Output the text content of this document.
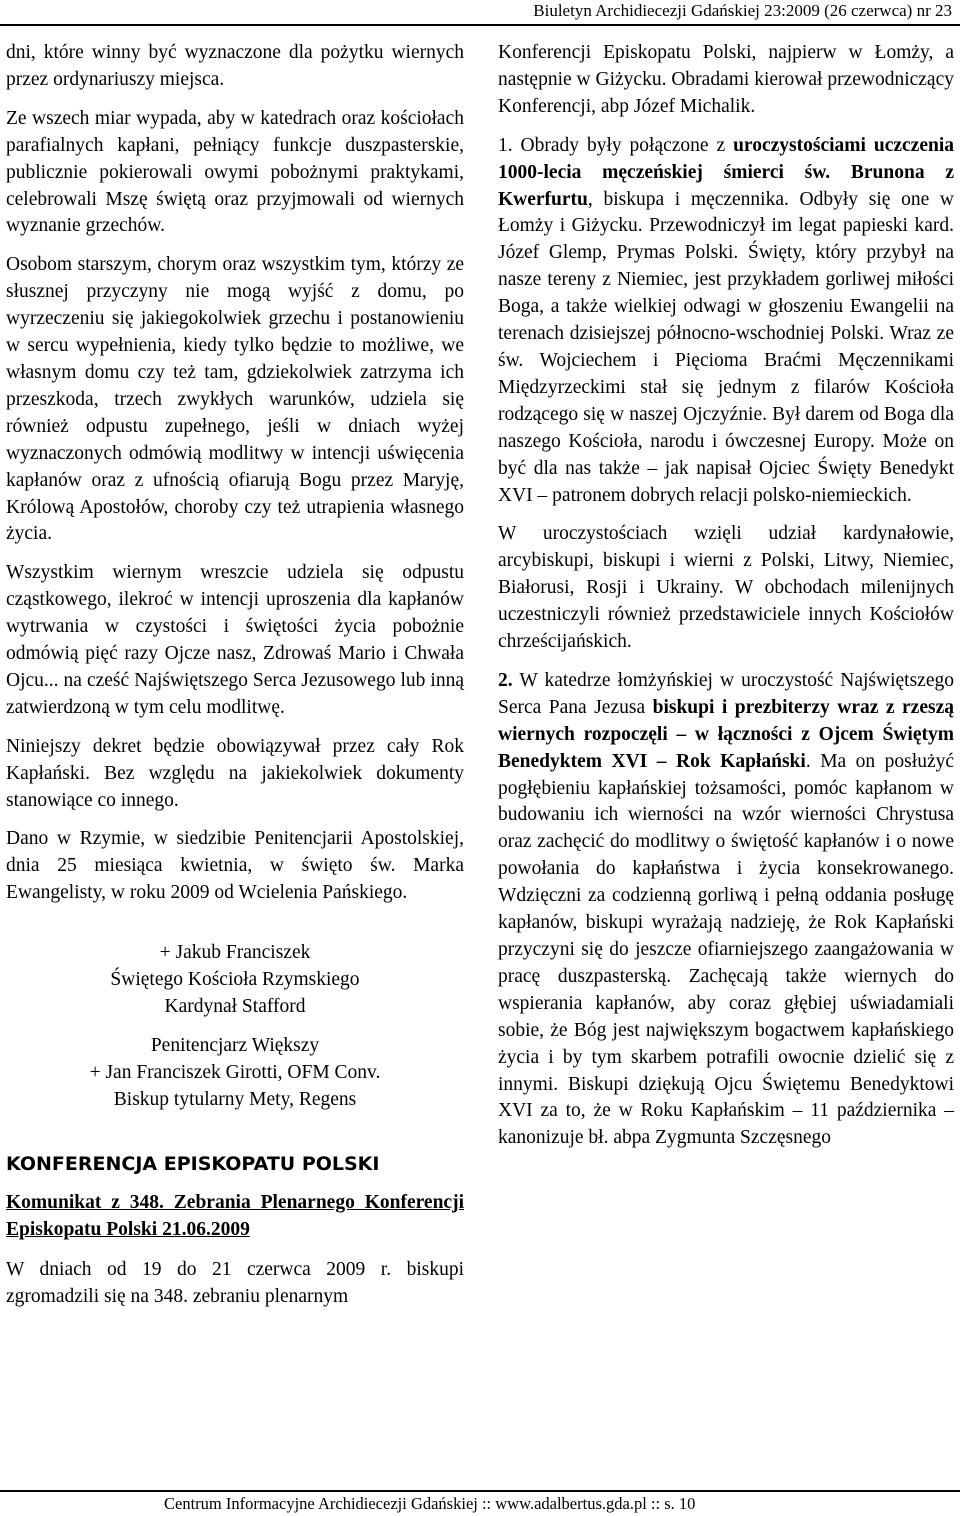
Biuletyn Archidiecezji Gdańskiej 23:2009 (26 czerwca) nr 23

dni, które winny być wyznaczone dla pożytku wiernych przez ordynariuszy miejsca.

Ze wszech miar wypada, aby w katedrach oraz kościołach parafialnych kapłani, pełniący funkcje duszpasterskie, publicznie pokierowali owymi pobożnymi praktykami, celebrowali Mszę świętą oraz przyjmowali od wiernych wyznanie grzechów.

Osobom starszym, chorym oraz wszystkim tym, którzy ze słusznej przyczyny nie mogą wyjść z domu, po wyrzeczeniu się jakiegokolwiek grzechu i postanowieniu w sercu wypełnienia, kiedy tylko będzie to możliwe, we własnym domu czy też tam, gdziekolwiek zatrzyma ich przeszkoda, trzech zwykłych warunków, udziela się również odpustu zupełnego, jeśli w dniach wyżej wyznaczonych odmówią modlitwy w intencji uświęcenia kapłanów oraz z ufnością ofiarują Bogu przez Maryję, Królową Apostołów, choroby czy też utrapienia własnego życia.

Wszystkim wiernym wreszcie udziela się odpustu cząstkowego, ilekroć w intencji uproszenia dla kapłanów wytrwania w czystości i świętości życia pobożnie odmówią pięć razy Ojcze nasz, Zdrowaś Mario i Chwała Ojcu... na cześć Najświętszego Serca Jezusowego lub inną zatwierdzoną w tym celu modlitwę.

Niniejszy dekret będzie obowiązywał przez cały Rok Kapłański. Bez względu na jakiekolwiek dokumenty stanowiące co innego.

Dano w Rzymie, w siedzibie Penitencjarii Apostolskiej, dnia 25 miesiąca kwietnia, w święto św. Marka Ewangelisty, w roku 2009 od Wcielenia Pańskiego.

+ Jakub Franciszek

Świętego Kościoła Rzymskiego

Kardynał Stafford

Penitencjarz Większy

+ Jan Franciszek Girotti, OFM Conv.

Biskup tytularny Mety, Regens

KONFERENCJA EPISKOPATU POLSKI

Komunikat z 348. Zebrania Plenarnego Konferencji Episkopatu Polski 21.06.2009

W dniach od 19 do 21 czerwca 2009 r. biskupi zgromadzili się na 348. zebraniu plenarnym

Konferencji Episkopatu Polski, najpierw w Łomży, a następnie w Giżycku. Obradami kierował przewodniczący Konferencji, abp Józef Michalik.

1. Obrady były połączone z uroczystościami uczczenia 1000-lecia męczeńskiej śmierci św. Brunona z Kwerfurtu, biskupa i męczennika. Odbyły się one w Łomży i Giżycku. Przewodniczył im legat papieski kard. Józef Glemp, Prymas Polski. Święty, który przybył na nasze tereny z Niemiec, jest przykładem gorliwej miłości Boga, a także wielkiej odwagi w głoszeniu Ewangelii na terenach dzisiejszej północno-wschodniej Polski. Wraz ze św. Wojciechem i Pięcioma Braćmi Męczennikami Międzyrzeckimi stał się jednym z filarów Kościoła rodzącego się w naszej Ojczyźnie. Był darem od Boga dla naszego Kościoła, narodu i ówczesnej Europy. Może on być dla nas także – jak napisał Ojciec Święty Benedykt XVI – patronem dobrych relacji polsko-niemieckich.

W uroczystościach wzięli udział kardynałowie, arcybiskupi, biskupi i wierni z Polski, Litwy, Niemiec, Białorusi, Rosji i Ukrainy. W obchodach milenijnych uczestniczyli również przedstawiciele innych Kościołów chrześcijańskich.

2. W katedrze łomżyńskiej w uroczystość Najświętszego Serca Pana Jezusa biskupi i prezbiterzy wraz z rzeszą wiernych rozpoczęli – w łączności z Ojcem Świętym Benedyktem XVI – Rok Kapłański. Ma on posłużyć pogłębieniu kapłańskiej tożsamości, pomóc kapłanom w budowaniu ich wierności na wzór wierności Chrystusa oraz zachęcić do modlitwy o świętość kapłanów i o nowe powołania do kapłaństwa i życia konsekrowanego. Wdzięczni za codzienną gorliwą i pełną oddania posługę kapłanów, biskupi wyrażają nadzieję, że Rok Kapłański przyczyni się do jeszcze ofiarniejszego zaangażowania w pracę duszpasterską. Zachęcają także wiernych do wspierania kapłanów, aby coraz głębiej uświadamiali sobie, że Bóg jest największym bogactwem kapłańskiego życia i by tym skarbem potrafili owocnie dzielić się z innymi. Biskupi dziękują Ojcu Świętemu Benedyktowi XVI za to, że w Roku Kapłańskim – 11 października – kanonizuje bł. abpa Zygmunta Szczęsnego

Centrum Informacyjne Archidiecezji Gdańskiej :: www.adalbertus.gda.pl :: s. 10
